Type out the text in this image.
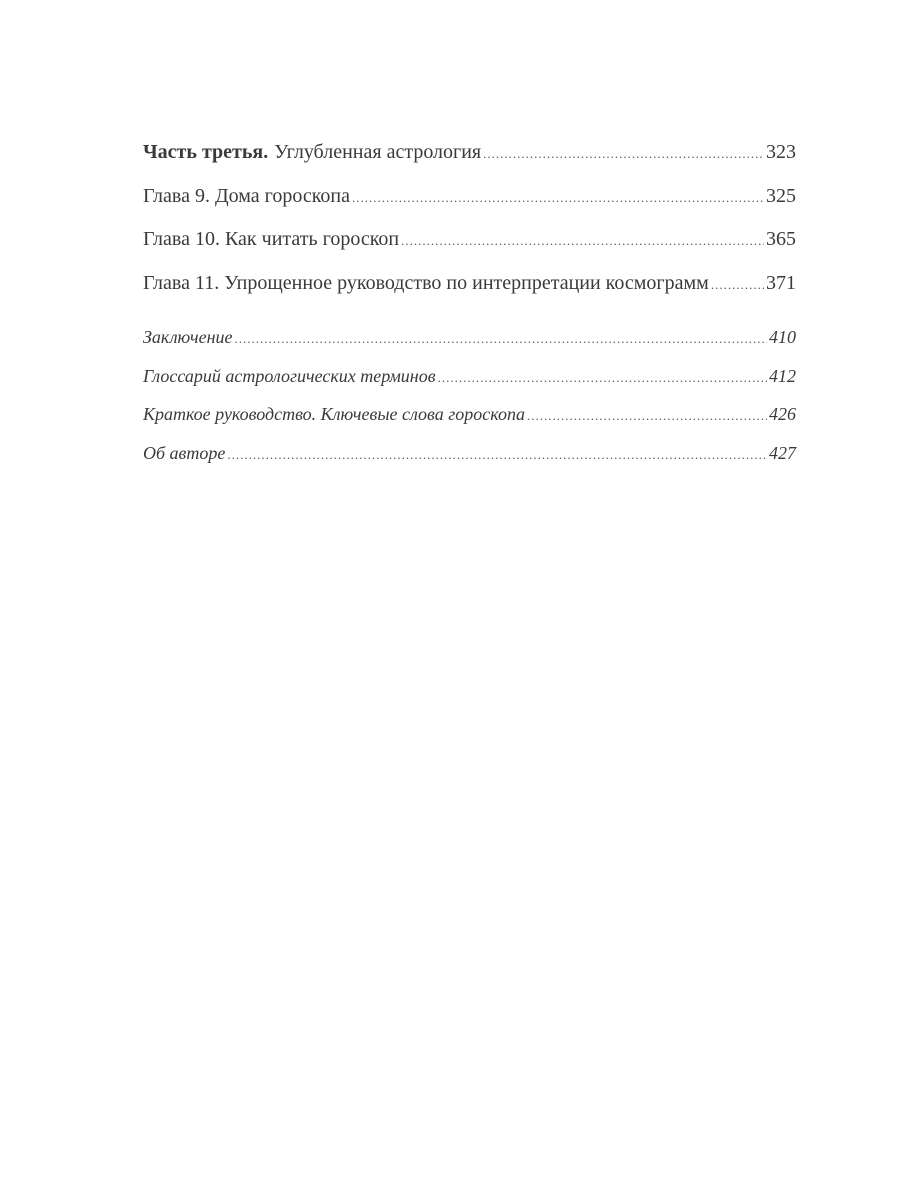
Часть третья. Углубленная астрология .....	323
Глава 9. Дома гороскопа .....	325
Глава 10. Как читать гороскоп .....	365
Глава 11. Упрощенное руководство по интерпретации космограмм .....	371
Заключение .....	410
Глоссарий астрологических терминов .....	412
Краткое руководство. Ключевые слова гороскопа .....	426
Об авторе .....	427
